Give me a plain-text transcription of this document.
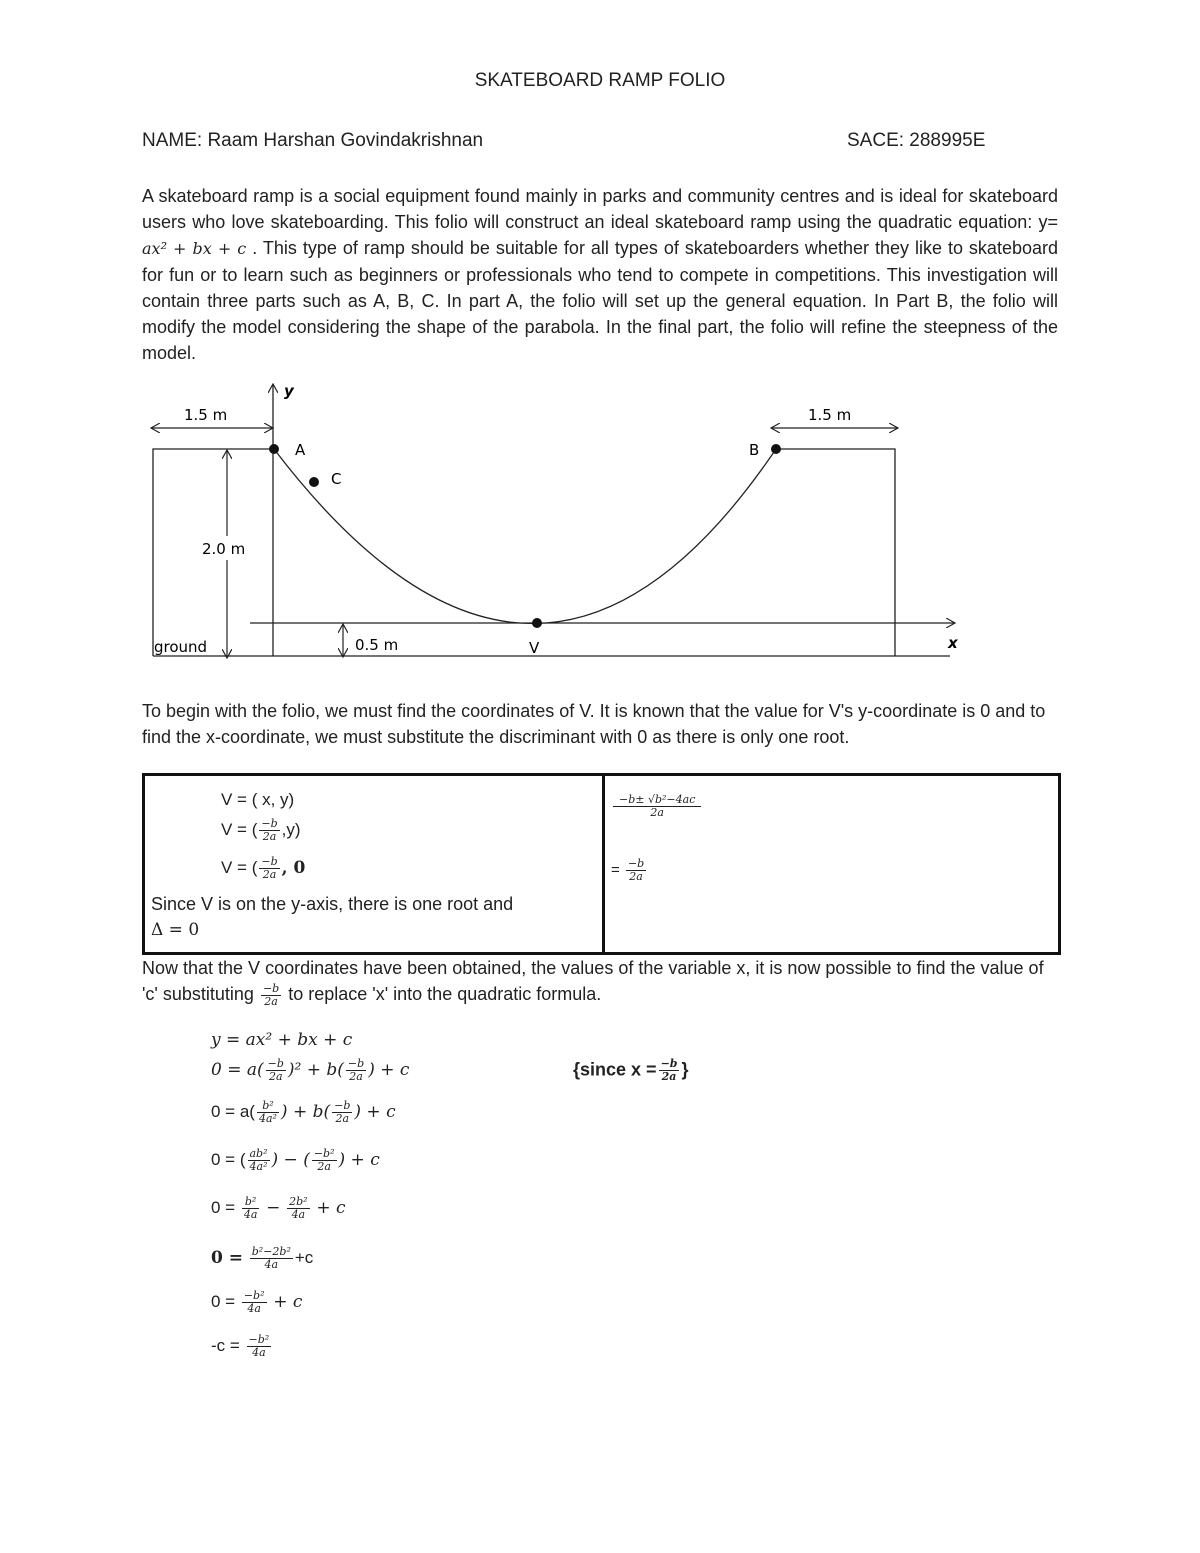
SKATEBOARD RAMP FOLIO
NAME: Raam Harshan Govindakrishnan	SACE: 288995E
A skateboard ramp is a social equipment found mainly in parks and community centres and is ideal for skateboard users who love skateboarding. This folio will construct an ideal skateboard ramp using the quadratic equation: y= ax² + bx + c . This type of ramp should be suitable for all types of skateboarders whether they like to skateboard for fun or to learn such as beginners or professionals who tend to compete in competitions. This investigation will contain three parts such as A, B, C. In part A, the folio will set up the general equation. In Part B, the folio will modify the model considering the shape of the parabola. In the final part, the folio will refine the steepness of the model.
y
x
A
C
B
V
1.5 m	1.5 m
2.0 m
ground	0.5 m
To begin with the folio, we must find the coordinates of V. It is known that the value for V's y-coordinate is 0 and to find the x-coordinate, we must substitute the discriminant with 0 as there is only one root.
V = ( x, y)
V = ( $\frac{-b}{2a} ,y$)
V = ( $\frac{-b}{2a}$ , 0
Since V is on the y-axis, there is one root and
Δ = 0

$\frac{\text{−b± √b²−4ac}}{2a}$
= $\frac{-b}{2a}$
Now that the V coordinates have been obtained, the values of the variable x, it is now possible to find the value of 'c' substituting $\frac{-b}{2a}$ to replace 'x' into the quadratic formula.
y = ax² + bx + c
$0 = a( \frac{-b}{2a} )^2 + b( \frac{-b}{2a}$ ) + c	{since $x = \frac{-b}{2a}$ }
$0 = a( \frac{\text{b²}}{\text{4a²}}$ ) + $b( \frac{-b}{2a}$ ) + c
0 = ( $\frac{\text{ab²}}{\text{4a²}}$ ) − ( $\frac{\text{−b²}}{2a}$ ) + c
$0 = \frac{\text{b²}}{4a} - \frac{\text{2b²}}{4a} + c$
$0 = \frac{\text{b²−2b²}}{4a} +c$
$0 = \frac{\text{−b²}}{4a} + c$
$-c = \frac{\text{−b²}}{4a}$
